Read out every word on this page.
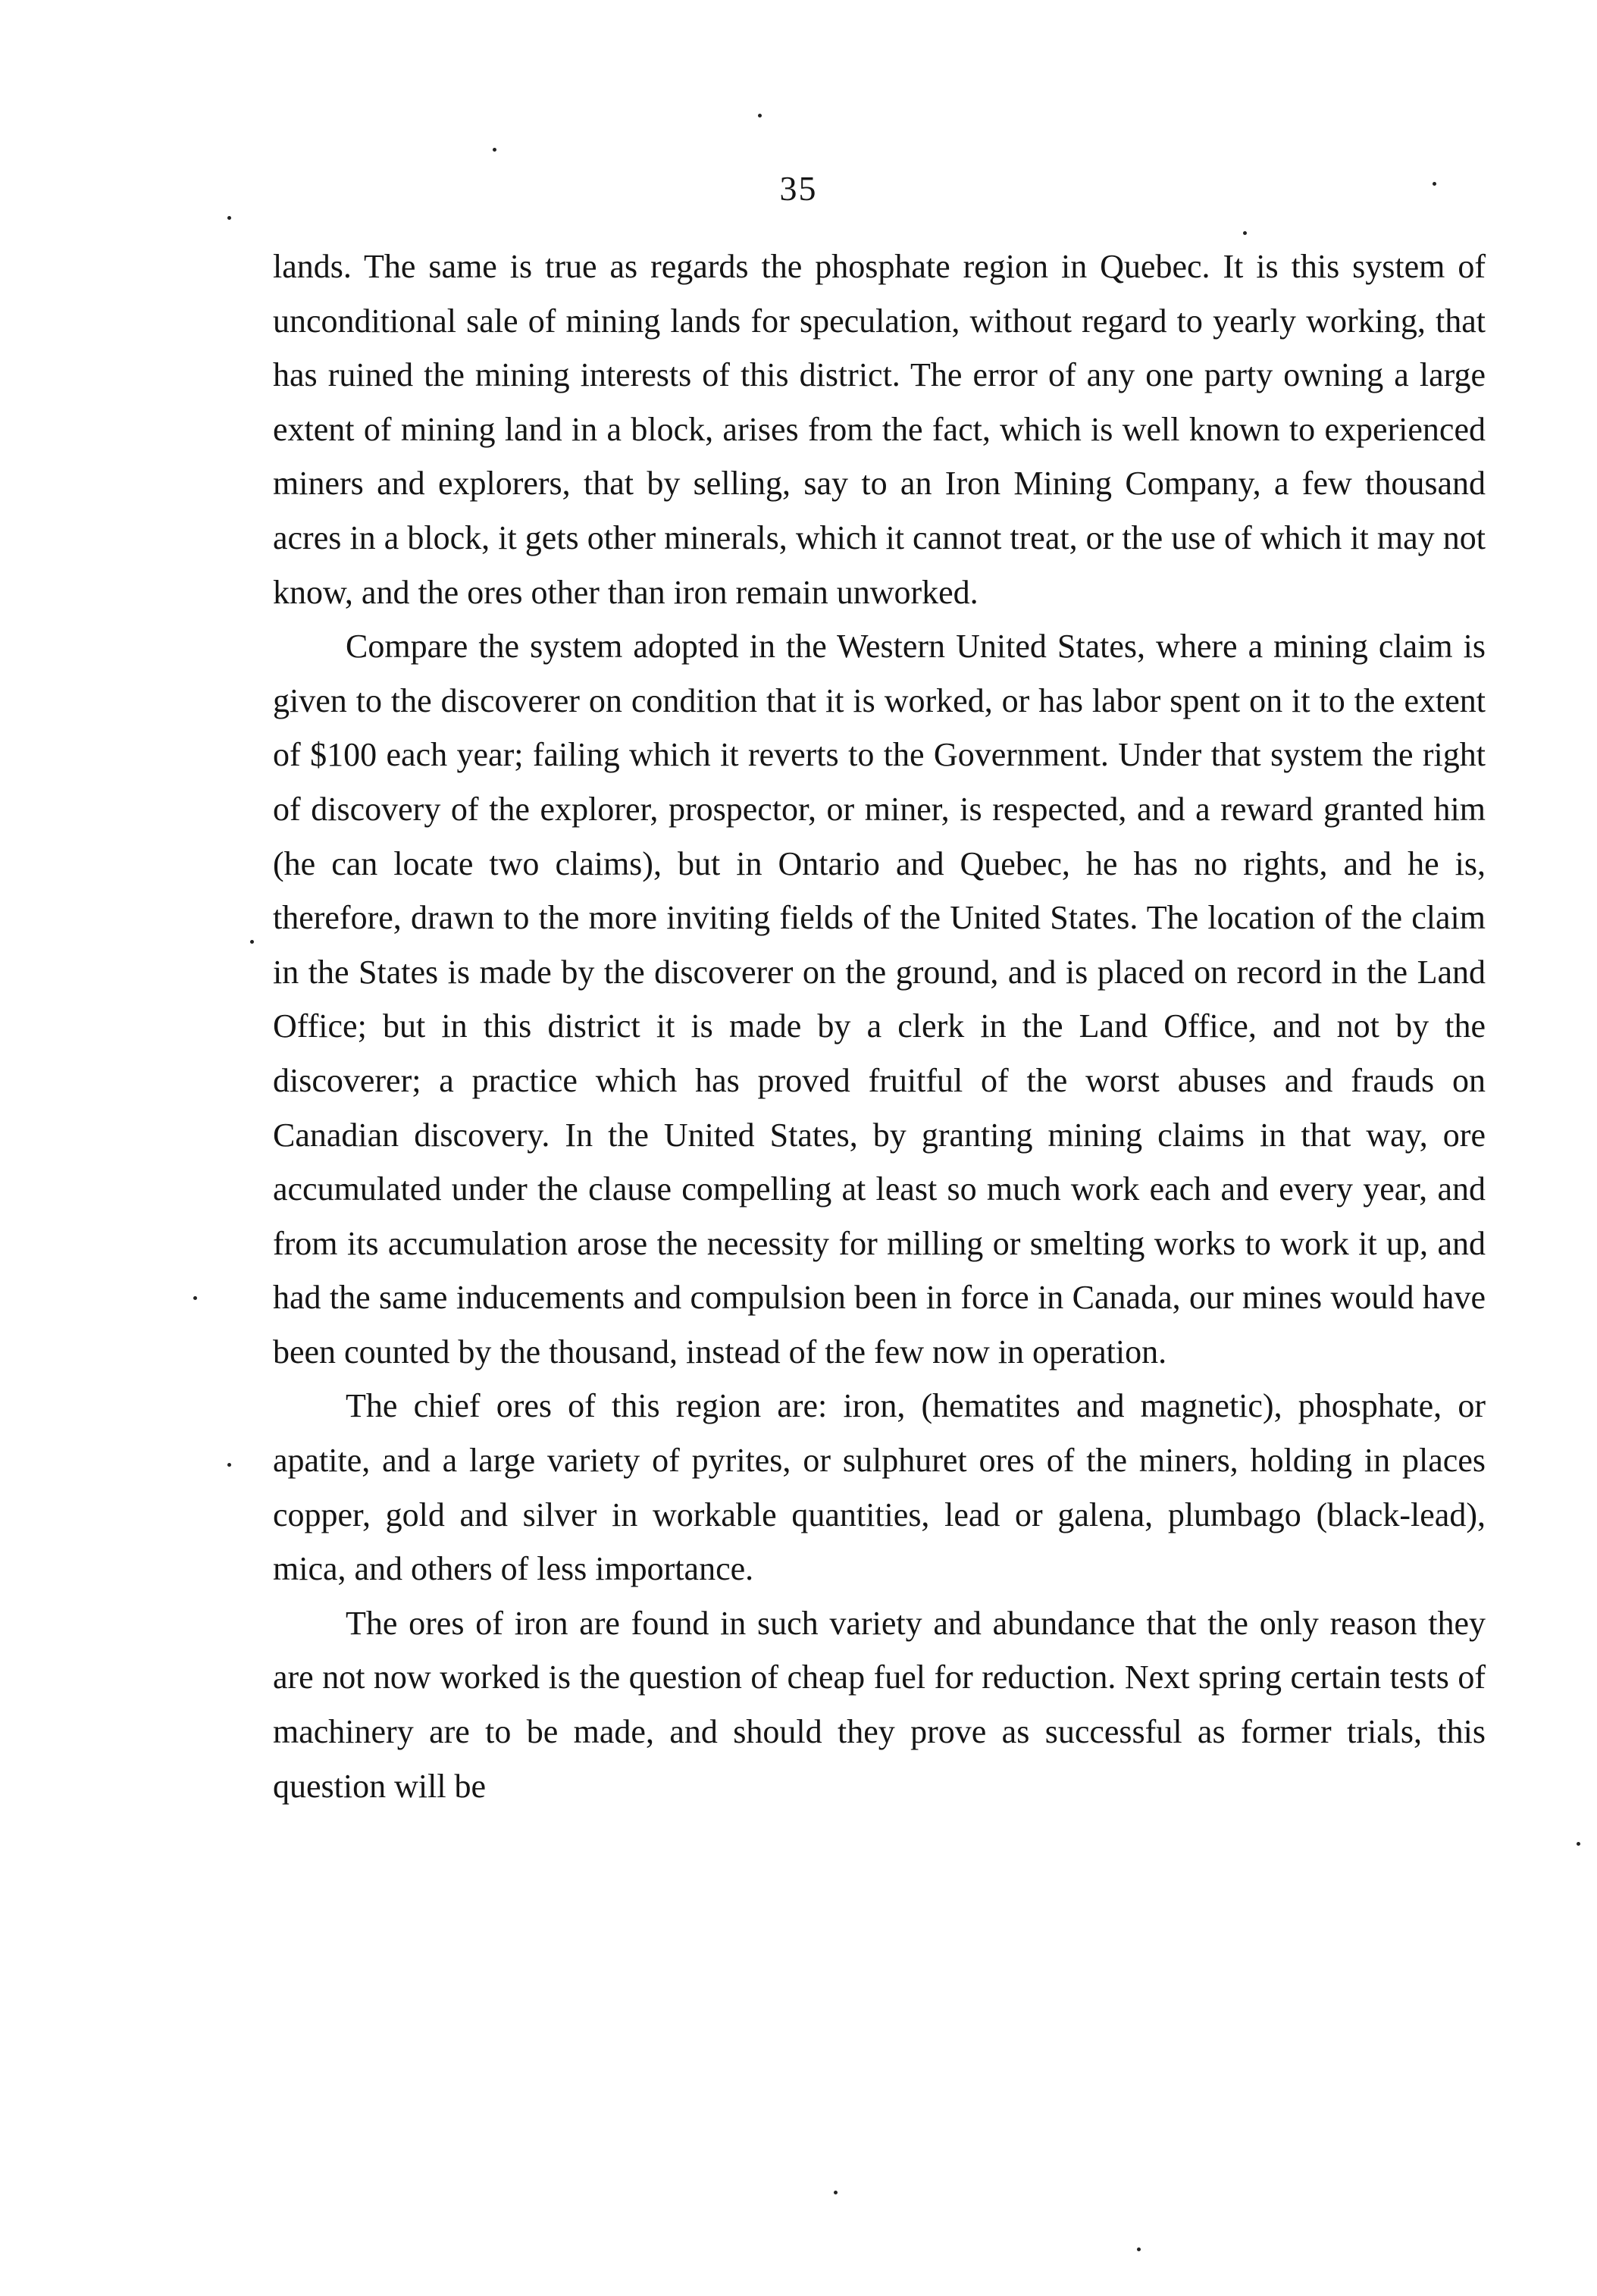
35

lands. The same is true as regards the phosphate region in Quebec. It is this system of unconditional sale of mining lands for speculation, without regard to yearly working, that has ruined the mining interests of this district. The error of any one party owning a large extent of mining land in a block, arises from the fact, which is well known to experienced miners and explorers, that by selling, say to an Iron Mining Company, a few thousand acres in a block, it gets other minerals, which it cannot treat, or the use of which it may not know, and the ores other than iron remain unworked.

Compare the system adopted in the Western United States, where a mining claim is given to the discoverer on condition that it is worked, or has labor spent on it to the extent of $100 each year; failing which it reverts to the Government. Under that system the right of discovery of the explorer, prospector, or miner, is respected, and a reward granted him (he can locate two claims), but in Ontario and Quebec, he has no rights, and he is, therefore, drawn to the more inviting fields of the United States. The location of the claim in the States is made by the discoverer on the ground, and is placed on record in the Land Office; but in this district it is made by a clerk in the Land Office, and not by the discoverer; a practice which has proved fruitful of the worst abuses and frauds on Canadian discovery. In the United States, by granting mining claims in that way, ore accumulated under the clause compelling at least so much work each and every year, and from its accumulation arose the necessity for milling or smelting works to work it up, and had the same inducements and compulsion been in force in Canada, our mines would have been counted by the thousand, instead of the few now in operation.

The chief ores of this region are: iron, (hematites and magnetic), phosphate, or apatite, and a large variety of pyrites, or sulphuret ores of the miners, holding in places copper, gold and silver in workable quantities, lead or galena, plumbago (black-lead), mica, and others of less importance.

The ores of iron are found in such variety and abundance that the only reason they are not now worked is the question of cheap fuel for reduction. Next spring certain tests of machinery are to be made, and should they prove as successful as former trials, this question will be
